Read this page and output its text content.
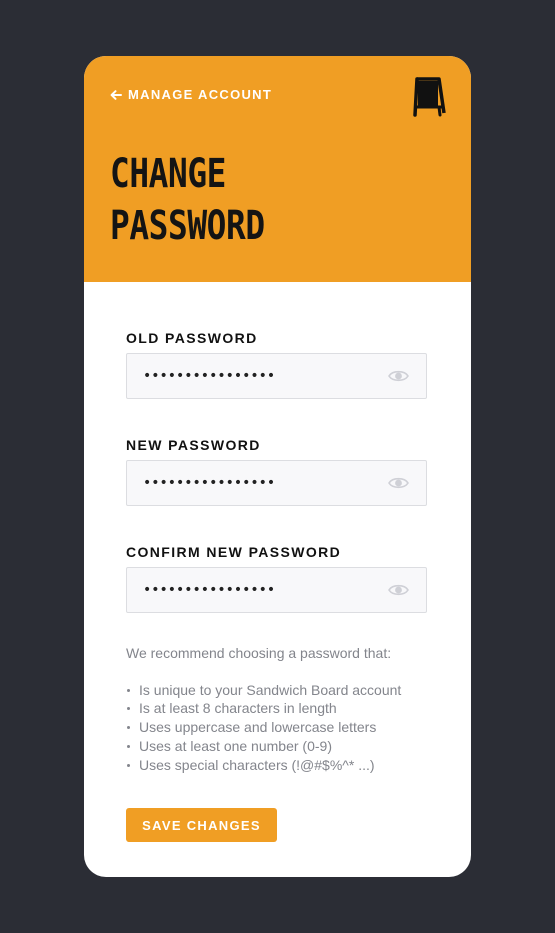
MANAGE ACCOUNT
CHANGE
PASSWORD
OLD PASSWORD
••••••••••••••••
NEW PASSWORD
••••••••••••••••
CONFIRM NEW PASSWORD
••••••••••••••••

We recommend choosing a password that:

Is unique to your Sandwich Board account
Is at least 8 characters in length
Uses uppercase and lowercase letters
Uses at least one number (0-9)
Uses special characters (!@#$%^* ...)
SAVE CHANGES
